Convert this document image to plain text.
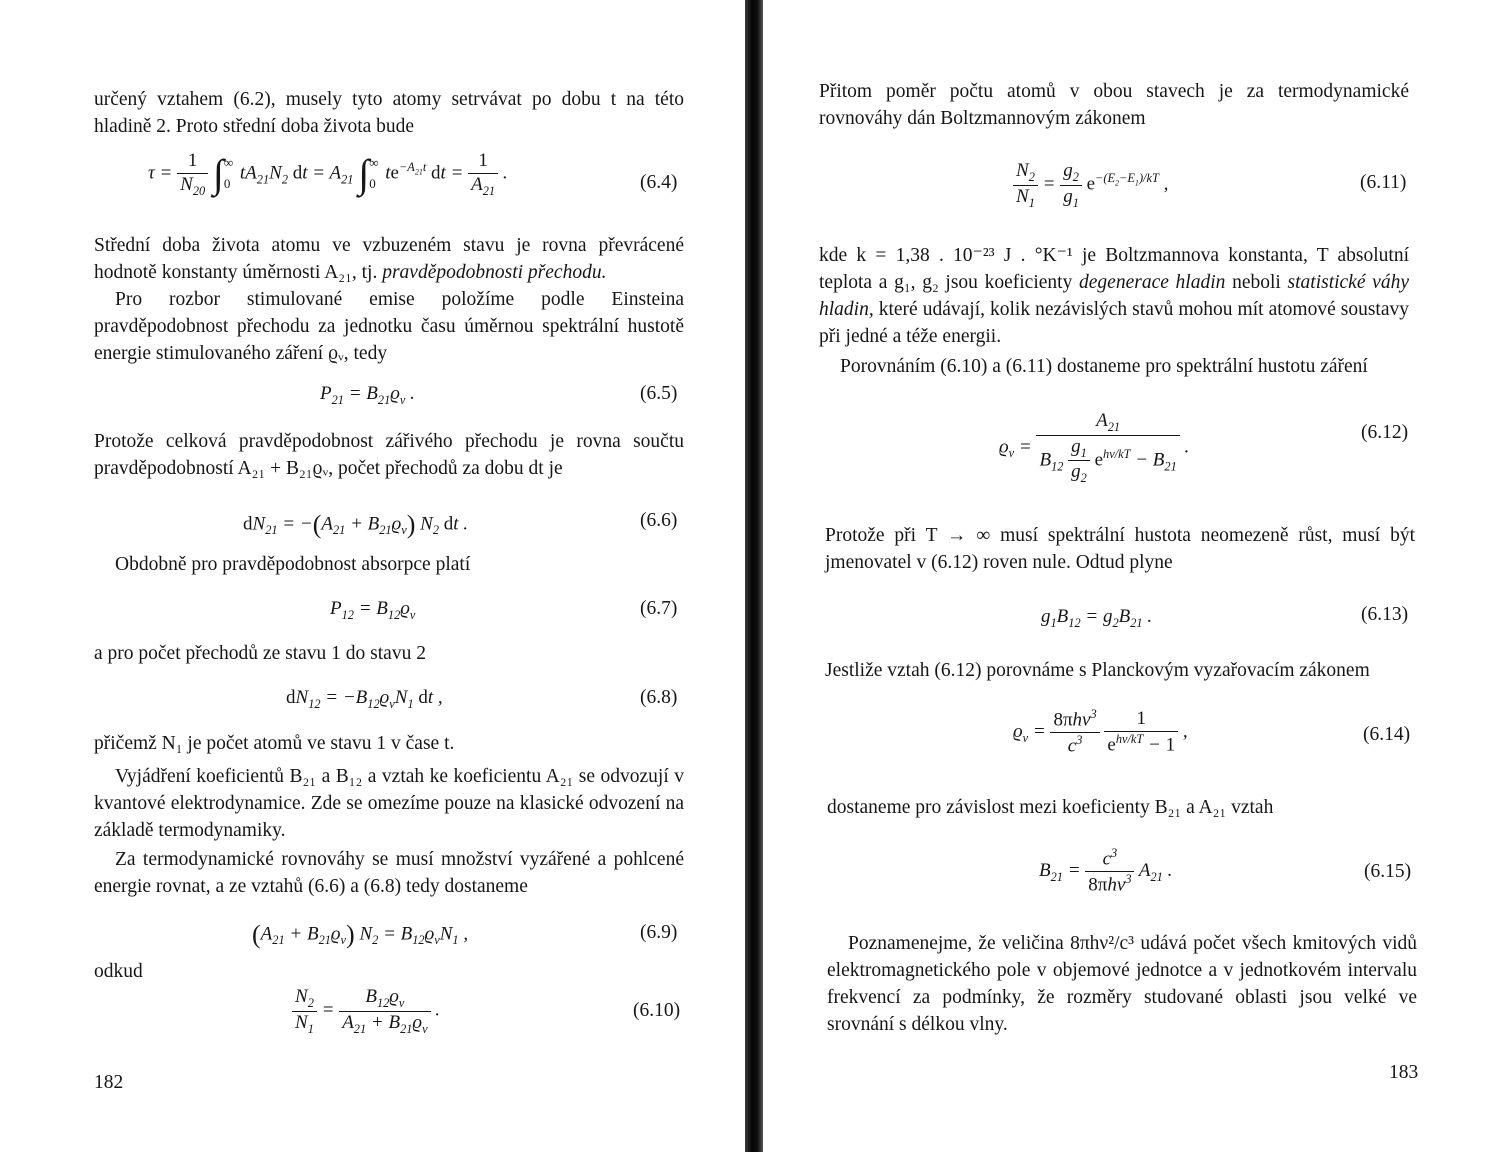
určený vztahem (6.2), musely tyto atomy setrvávat po dobu t na této hladině 2. Proto střední doba života bude

$\tau = \frac{1}{N_{20}}$ ∫ ∞
0
$tA_{21}N_2$ dt = $A_{21}$ ∫ ∞
0
$te^{-A_{21}t}$ dt = $\frac{1}{A_{21}}$ .	(6.4)

Střední doba života atomu ve vzbuzeném stavu je rovna převrácené hodnotě konstanty úměrnosti A₂₁, tj. pravděpodobnosti přechodu.

Pro rozbor stimulované emise položíme podle Einsteina pravděpodobnost přechodu za jednotku času úměrnou spektrální hustotě energie stimulovaného záření ϱᵥ, tedy

$P_{21} = B_{21}ϱ_\nu$ .	(6.5)

Protože celková pravděpodobnost zářivého přechodu je rovna součtu pravděpodobností A₂₁ + B₂₁ϱᵥ, počet přechodů za dobu dt je

$dN_{21} = -(A_{21} + B_{21}ϱ_\nu)$ $N_2$ dt .	(6.6)

Obdobně pro pravděpodobnost absorpce platí

$P_{12} = B_{12}ϱ_\nu$	(6.7)

a pro počet přechodů ze stavu 1 do stavu 2

$dN_{12} = -B_{12}ϱ_\nu N_1$ dt ,	(6.8)

přičemž N₁ je počet atomů ve stavu 1 v čase t.

Vyjádření koeficientů B₂₁ a B₁₂ a vztah ke koeficientu A₂₁ se odvozují v kvantové elektrodynamice. Zde se omezíme pouze na klasické odvození na základě termodynamiky.

Za termodynamické rovnováhy se musí množství vyzářené a pohlcené energie rovnat, a ze vztahů (6.6) a (6.8) tedy dostaneme

$(A_{21} + B_{21}ϱ_\nu) N_2 = B_{12}ϱ_\nu N_1$ ,	(6.9)

odkud

$\frac{N_2}{N_1} = \frac{B_{12}ϱ_\nu}{A_{21} + B_{21}ϱ_\nu}$ .	(6.10)
182

Přitom poměr počtu atomů v obou stavech je za termodynamické rovnováhy dán Boltzmannovým zákonem

$\frac{N_2}{N_1} = \frac{g_2}{g_1} e^{-(E_2-E_1)/kT}$ ,	(6.11)

kde k = 1,38 . 10⁻²³ J . °K⁻¹ je Boltzmannova konstanta, T absolutní teplota a g₁, g₂ jsou koeficienty degenerace hladin neboli statistické váhy hladin, které udávají, kolik nezávislých stavů mohou mít atomové soustavy při jedné a téže energii.

Porovnáním (6.10) a (6.11) dostaneme pro spektrální hustotu záření

$ϱ_\nu = \frac{A_{21}}{B_{12} \frac{g_1}{g_2} e^{h\nu/kT} - B_{21}}$ .
(6.12)

Protože při T → ∞ musí spektrální hustota neomezeně růst, musí být jmenovatel v (6.12) roven nule. Odtud plyne

$g_1B_{12} = g_2B_{21}$ .	(6.13)

Jestliže vztah (6.12) porovnáme s Planckovým vyzařovacím zákonem

$ϱ_\nu = \frac{8\pi h\nu^3}{c^3}$
$\frac{1}{e^{h\nu/kT} - 1}$ ,	(6.14)

dostaneme pro závislost mezi koeficienty B₂₁ a A₂₁ vztah

$B_{21} = \frac{c^3}{8\pi h\nu^3} A_{21}$ .	(6.15)

Poznamenejme, že veličina 8πhν²/c³ udává počet všech kmitových vidů elektromagnetického pole v objemové jednotce a v jednotkovém intervalu frekvencí za podmínky, že rozměry studované oblasti jsou velké ve srovnání s délkou vlny.

183
